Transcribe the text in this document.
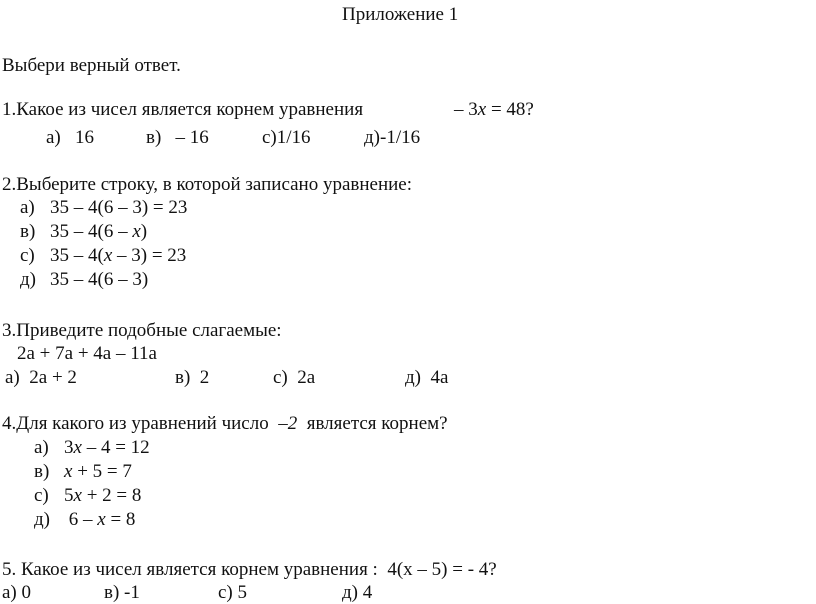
Приложение 1
Выбери верный ответ.
1.Какое из чисел является корнем уравнения	– 3x = 48?
а)   16	в)   – 16	с)1/16	д)-1/16
2.Выберите строку, в которой записано уравнение:
а) 35 – 4(6 – 3) = 23
в) 35 – 4(6 – x)
с) 35 – 4(x – 3) = 23
д) 35 – 4(6 – 3)
3.Приведите подобные слагаемые:
2a + 7a + 4a – 11a
а)  2a + 2	в)  2	с)  2a	д)  4a
4.Для какого из уравнений число  –2  является корнем?
а) 3x – 4 = 12
в) x + 5 = 7
с) 5x + 2 = 8
д) 6 – x = 8
5. Какое из чисел является корнем уравнения :  4(x – 5) = - 4?
а) 0	в) -1	с) 5	д) 4
